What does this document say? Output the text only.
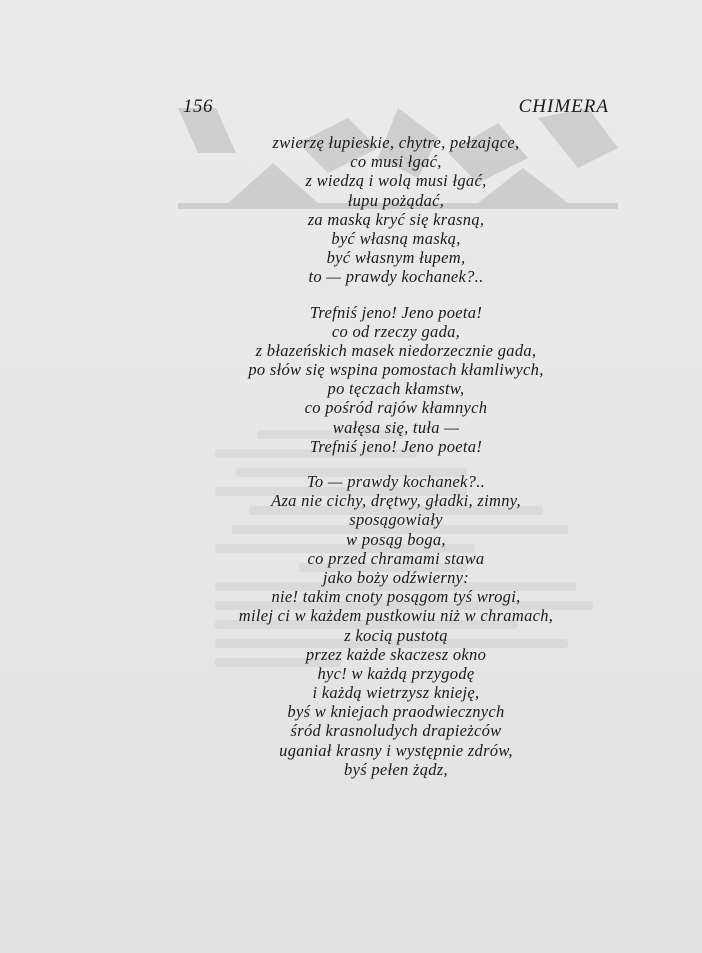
156	CHIMERA
zwierzę łupieskie, chytre, pełzające,
co musi łgać,
z wiedzą i wolą musi łgać,
łupu pożądać,
za maską kryć się krasną,
być własną maską,
być własnym łupem,
to — prawdy kochanek?..
Trefniś jeno! Jeno poeta!
co od rzeczy gada,
z błazeńskich masek niedorzecznie gada,
po słów się wspina pomostach kłamliwych,
po tęczach kłamstw,
co pośród rajów kłamnych
wałęsa się, tuła —
Trefniś jeno! Jeno poeta!
To — prawdy kochanek?..
Aza nie cichy, drętwy, gładki, zimny,
sposągowiały
w posąg boga,
co przed chramami stawa
jako boży odźwierny:
nie! takim cnoty posągom tyś wrogi,
milej ci w każdem pustkowiu niż w chramach,
z kocią pustotą
przez każde skaczesz okno
hyc! w każdą przygodę
i każdą wietrzysz knieję,
byś w kniejach praodwiecznych
śród krasnoludych drapieżców
uganiał krasny i występnie zdrów,
byś pełen żądz,
